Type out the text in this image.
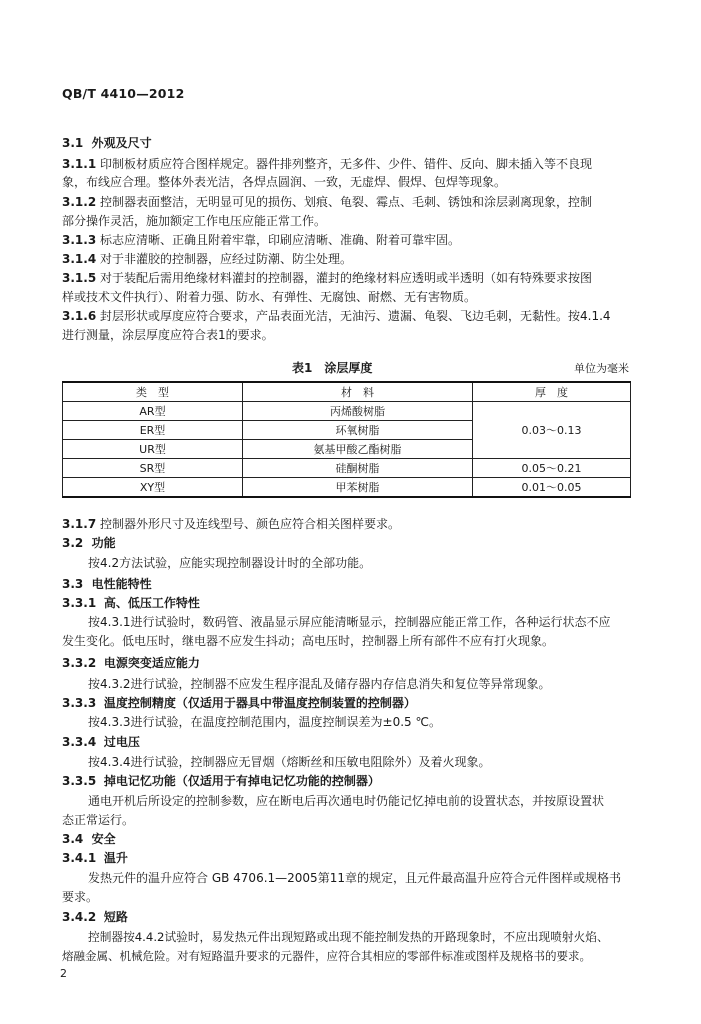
QB/T 4410—2012
3.1 外观及尺寸
3.1.1 印制板材质应符合图样规定。器件排列整齐，无多件、少件、错件、反向、脚未插入等不良现
象，布线应合理。整体外表光洁，各焊点圆润、一致，无虚焊、假焊、包焊等现象。
3.1.2 控制器表面整洁，无明显可见的损伤、划痕、龟裂、霉点、毛刺、锈蚀和涂层剥离现象，控制
部分操作灵活，施加额定工作电压应能正常工作。
3.1.3 标志应清晰、正确且附着牢靠，印刷应清晰、准确、附着可靠牢固。
3.1.4 对于非灌胶的控制器，应经过防潮、防尘处理。
3.1.5 对于装配后需用绝缘材料灌封的控制器，灌封的绝缘材料应透明或半透明（如有特殊要求按图
样或技术文件执行）、附着力强、防水、有弹性、无腐蚀、耐燃、无有害物质。
3.1.6 封层形状或厚度应符合要求，产品表面光洁，无油污、遗漏、龟裂、飞边毛刺，无黏性。按4.1.4
进行测量，涂层厚度应符合表1的要求。
表1　涂层厚度	单位为毫米
类　型	材　料	厚　度
AR型	丙烯酸树脂	0.03～0.13
ER型	环氧树脂	
UR型	氨基甲酸乙酯树脂	
SR型	硅酮树脂	0.05～0.21
XY型	甲苯树脂	0.01～0.05
3.1.7 控制器外形尺寸及连线型号、颜色应符合相关图样要求。
3.2 功能
按4.2方法试验，应能实现控制器设计时的全部功能。
3.3 电性能特性
3.3.1 高、低压工作特性
按4.3.1进行试验时，数码管、液晶显示屏应能清晰显示，控制器应能正常工作，各种运行状态不应
发生变化。低电压时，继电器不应发生抖动；高电压时，控制器上所有部件不应有打火现象。
3.3.2 电源突变适应能力
按4.3.2进行试验，控制器不应发生程序混乱及储存器内存信息消失和复位等异常现象。
3.3.3 温度控制精度（仅适用于器具中带温度控制装置的控制器）
按4.3.3进行试验，在温度控制范围内，温度控制误差为±0.5 ℃。
3.3.4 过电压
按4.3.4进行试验，控制器应无冒烟（熔断丝和压敏电阻除外）及着火现象。
3.3.5 掉电记忆功能（仅适用于有掉电记忆功能的控制器）
通电开机后所设定的控制参数，应在断电后再次通电时仍能记忆掉电前的设置状态，并按原设置状
态正常运行。
3.4 安全
3.4.1 温升
发热元件的温升应符合 GB 4706.1—2005第11章的规定，且元件最高温升应符合元件图样或规格书
要求。
3.4.2 短路
控制器按4.4.2试验时，易发热元件出现短路或出现不能控制发热的开路现象时，不应出现喷射火焰、
熔融金属、机械危险。对有短路温升要求的元器件，应符合其相应的零部件标准或图样及规格书的要求。
2
